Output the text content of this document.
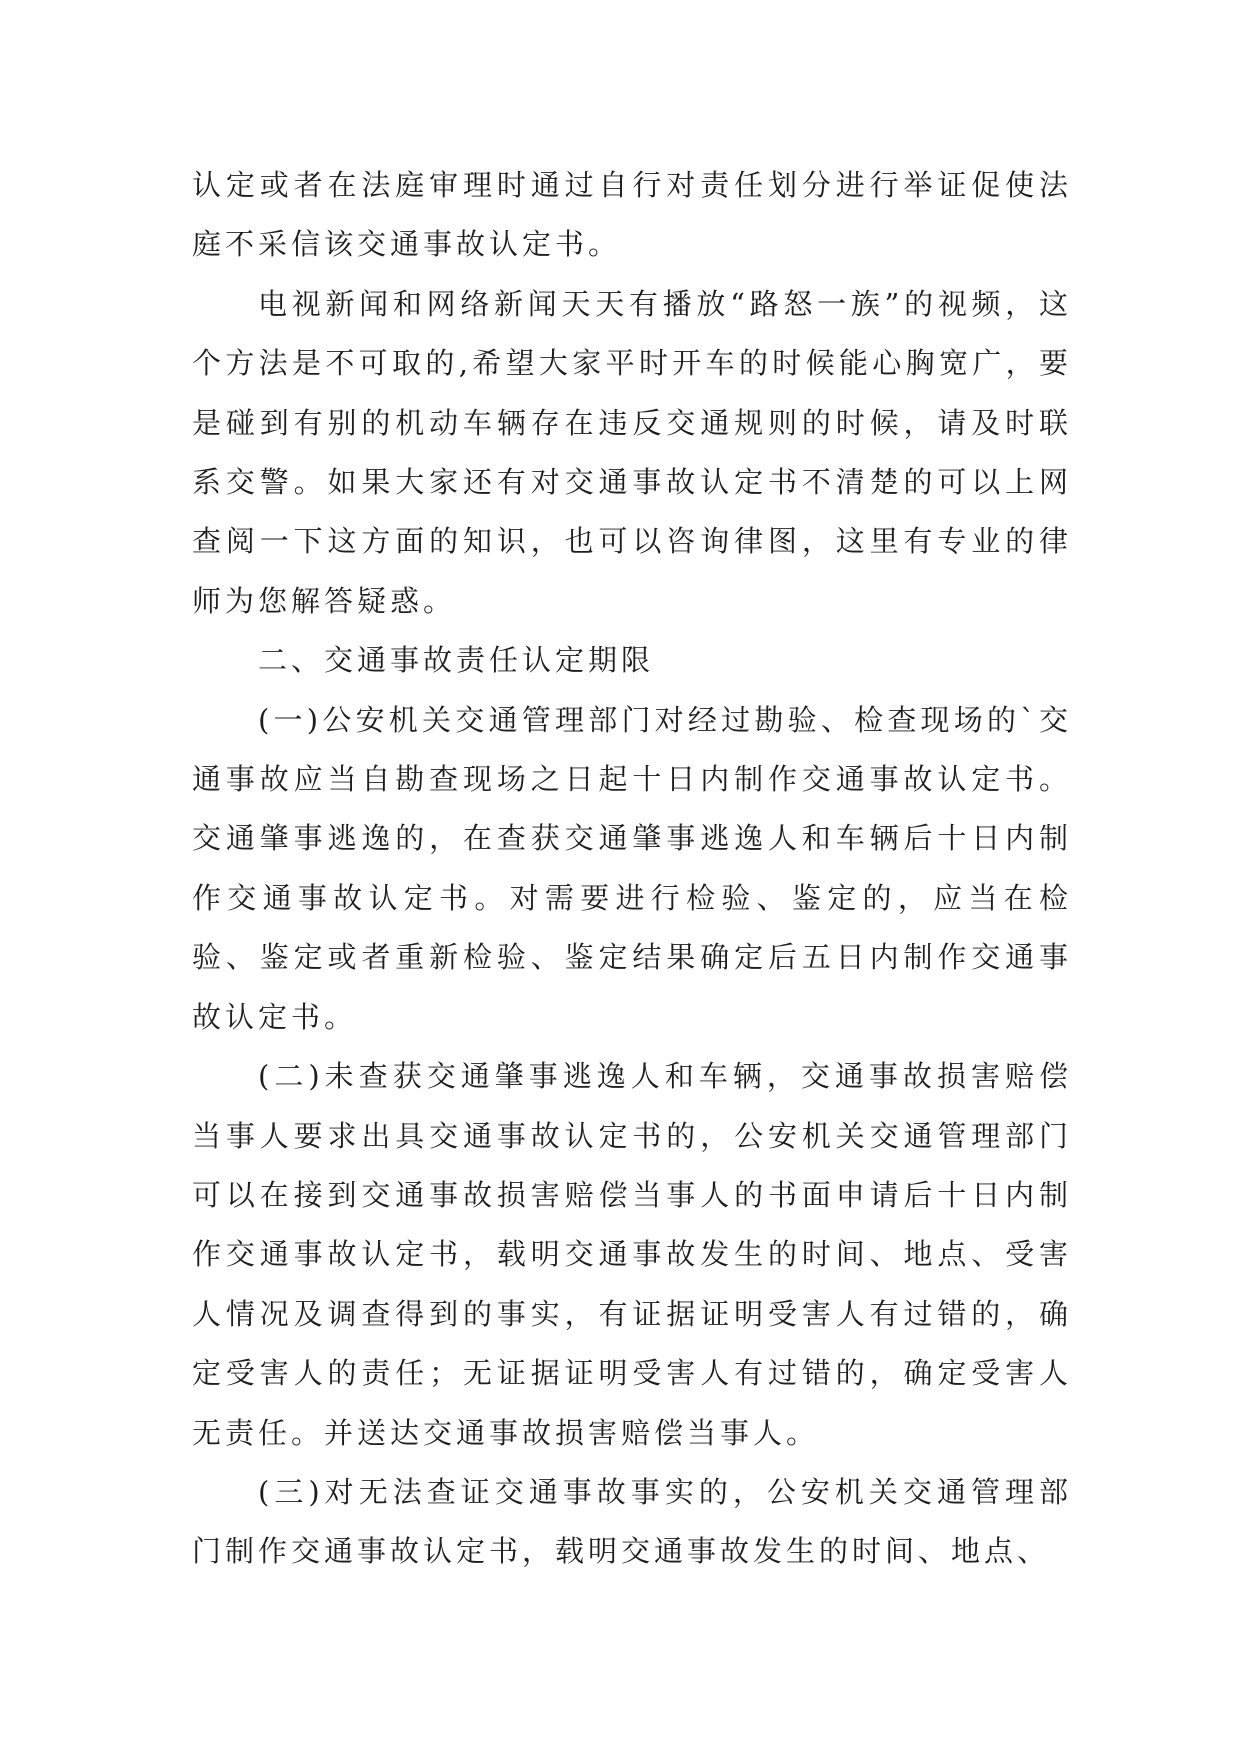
认定或者在法庭审理时通过自行对责任划分进行举证促使法庭不采信该交通事故认定书。

电视新闻和网络新闻天天有播放“路怒一族”的视频，这个方法是不可取的,希望大家平时开车的时候能心胸宽广，要是碰到有别的机动车辆存在违反交通规则的时候，请及时联系交警。如果大家还有对交通事故认定书不清楚的可以上网查阅一下这方面的知识，也可以咨询律图，这里有专业的律师为您解答疑惑。

二、交通事故责任认定期限

(一)公安机关交通管理部门对经过勘验、检查现场的`交通事故应当自勘查现场之日起十日内制作交通事故认定书。交通肇事逃逸的，在查获交通肇事逃逸人和车辆后十日内制作交通事故认定书。对需要进行检验、鉴定的，应当在检验、鉴定或者重新检验、鉴定结果确定后五日内制作交通事故认定书。

(二)未查获交通肇事逃逸人和车辆，交通事故损害赔偿当事人要求出具交通事故认定书的，公安机关交通管理部门可以在接到交通事故损害赔偿当事人的书面申请后十日内制作交通事故认定书，载明交通事故发生的时间、地点、受害人情况及调查得到的事实，有证据证明受害人有过错的，确定受害人的责任；无证据证明受害人有过错的，确定受害人无责任。并送达交通事故损害赔偿当事人。

(三)对无法查证交通事故事实的，公安机关交通管理部门制作交通事故认定书，载明交通事故发生的时间、地点、
